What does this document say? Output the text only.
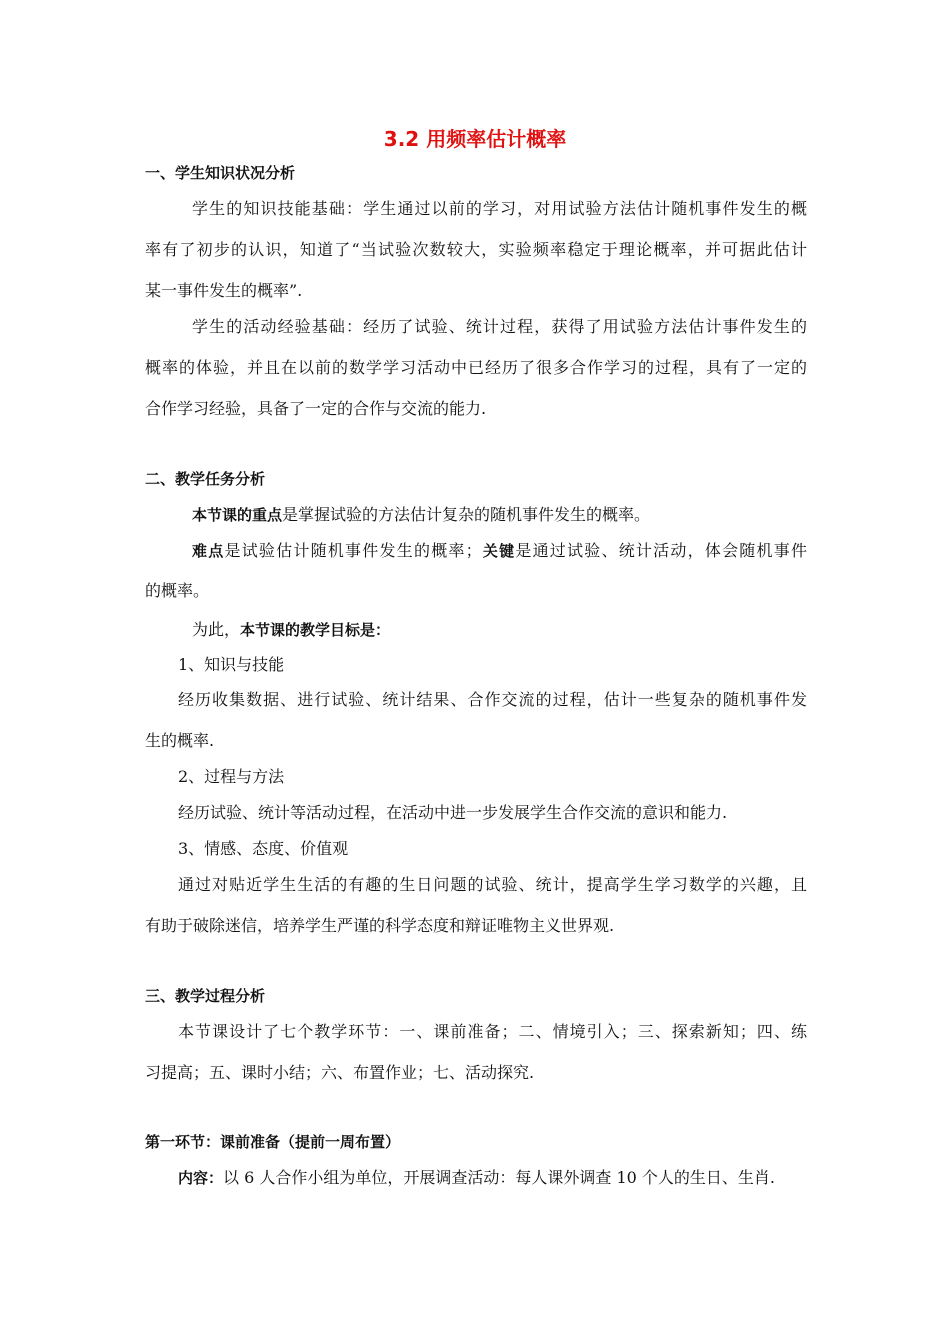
3.2 用频率估计概率
一、学生知识状况分析
学生的知识技能基础：学生通过以前的学习，对用试验方法估计随机事件发生的概
率有了初步的认识，知道了“当试验次数较大，实验频率稳定于理论概率，并可据此估计
某一事件发生的概率”.
学生的活动经验基础：经历了试验、统计过程，获得了用试验方法估计事件发生的
概率的体验，并且在以前的数学学习活动中已经历了很多合作学习的过程，具有了一定的
合作学习经验，具备了一定的合作与交流的能力.
二、教学任务分析
本节课的重点是掌握试验的方法估计复杂的随机事件发生的概率。
难点是试验估计随机事件发生的概率；关键是通过试验、统计活动，体会随机事件
的概率。
为此，本节课的教学目标是：
1、知识与技能
经历收集数据、进行试验、统计结果、合作交流的过程，估计一些复杂的随机事件发
生的概率.
2、过程与方法
经历试验、统计等活动过程，在活动中进一步发展学生合作交流的意识和能力.
3、情感、态度、价值观
通过对贴近学生生活的有趣的生日问题的试验、统计，提高学生学习数学的兴趣，且
有助于破除迷信，培养学生严谨的科学态度和辩证唯物主义世界观.
三、教学过程分析
本节课设计了七个教学环节：一、课前准备；二、情境引入；三、探索新知；四、练
习提高；五、课时小结；六、布置作业；七、活动探究.
第一环节：课前准备（提前一周布置）
内容：以 6 人合作小组为单位，开展调查活动：每人课外调查 10 个人的生日、生肖.
